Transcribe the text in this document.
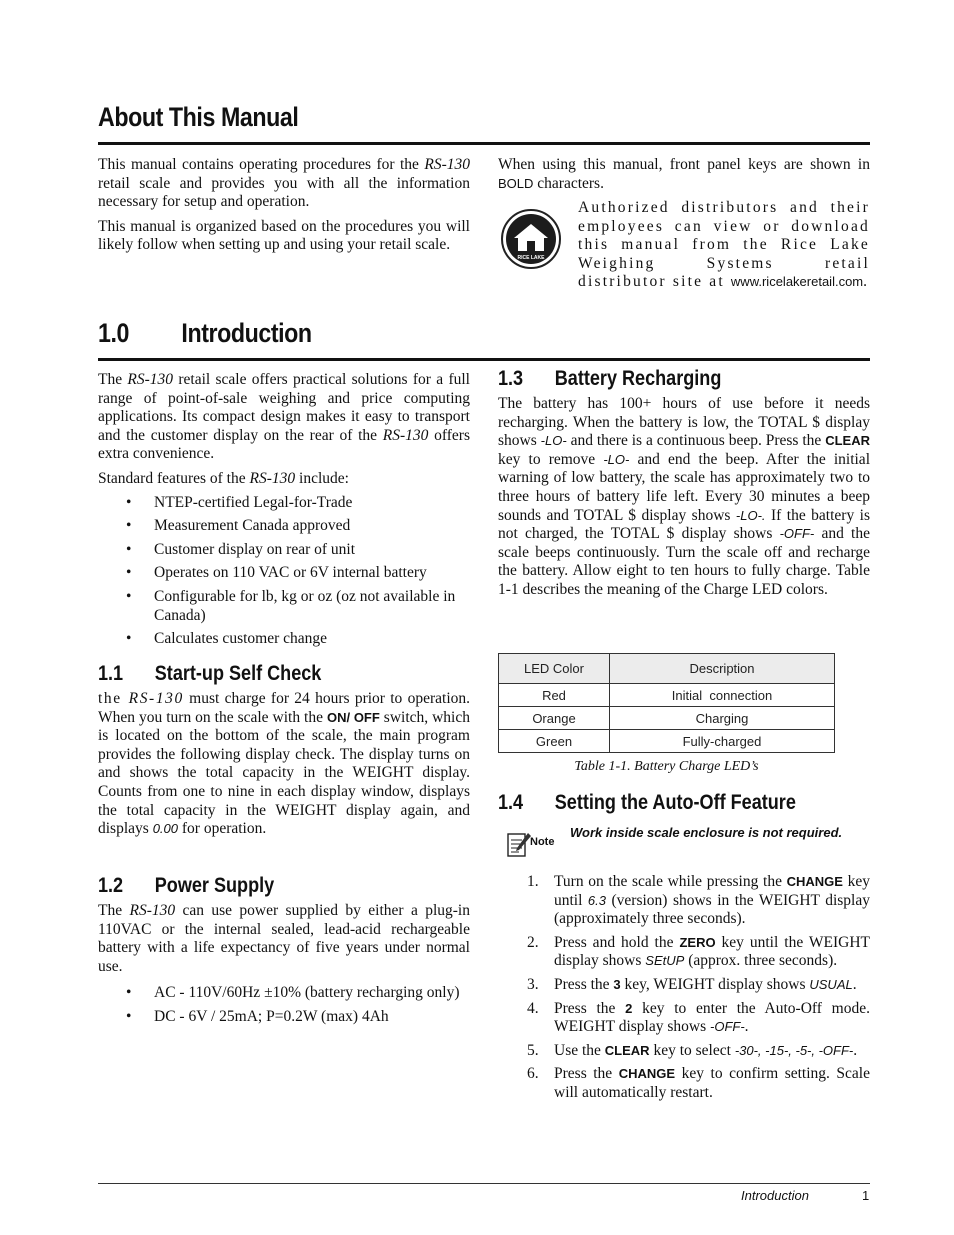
About This Manual

This manual contains operating procedures for the RS-130 retail scale and provides you with all the information necessary for setup and operation.

This manual is organized based on the procedures you will likely follow when setting up and using your retail scale.

When using this manual, front panel keys are shown in BOLD characters.

RICE LAKE
Authorized distributors and their employees can view or download this manual from the Rice Lake Weighing Systems retail distributor site at www.ricelakeretail.com.
1.0 Introduction

The RS-130 retail scale offers practical solutions for a full range of point-of-sale weighing and price computing applications. Its compact design makes it easy to transport and the customer display on the rear of the RS-130 offers extra convenience.

Standard features of the RS-130 include:

• NTEP-certified Legal-for-Trade
• Measurement Canada approved
• Customer display on rear of unit
• Operates on 110 VAC or 6V internal battery
• Configurable for lb, kg or oz (oz not available in Canada)
• Calculates customer change
1.1 Start-up Self Check

the RS-130 must charge for 24 hours prior to operation. When you turn on the scale with the ON/ OFF switch, which is located on the bottom of the scale, the main program provides the following display check. The display turns on and shows the total capacity in the WEIGHT display. Counts from one to nine in each display window, displays the total capacity in the WEIGHT display again, and displays 0.00 for operation.

1.2 Power Supply

The RS-130 can use power supplied by either a plug-in 110VAC or the internal sealed, lead-acid rechargeable battery with a life expectancy of five years under normal use.

• AC - 110V/60Hz ±10% (battery recharging only)
• DC - 6V / 25mA; P=0.2W (max) 4Ah
1.3 Battery Recharging

The battery has 100+ hours of use before it needs recharging. When the battery is low, the TOTAL $ display shows -LO- and there is a continuous beep. Press the CLEAR key to remove -LO- and end the beep. After the initial warning of low battery, the scale has approximately two to three hours of battery life left. Every 30 minutes a beep sounds and TOTAL $ display shows -LO-. If the battery is not charged, the TOTAL $ display shows -OFF- and the scale beeps continuously. Turn the scale off and recharge the battery. Allow eight to ten hours to fully charge. Table 1-1 describes the meaning of the Charge LED colors.

LED Color	Description
Red	Initial  connection
Orange	Charging
Green	Fully-charged
Table 1-1. Battery Charge LED’s
1.4 Setting the Auto-Off Feature
Note
Work inside scale enclosure is not required.
1. Turn on the scale while pressing the CHANGE key until 6.3 (version) shows in the WEIGHT display (approximately three seconds).
2. Press and hold the ZERO key until the WEIGHT display shows SEtUP (approx. three seconds).
3. Press the 3 key, WEIGHT display shows USUAL.
4. Press the 2 key to enter the Auto-Off mode. WEIGHT display shows -OFF-.
5. Use the CLEAR key to select -30-, -15-, -5-, -OFF-.
6. Press the CHANGE key to confirm setting. Scale will automatically restart.
Introduction	1
